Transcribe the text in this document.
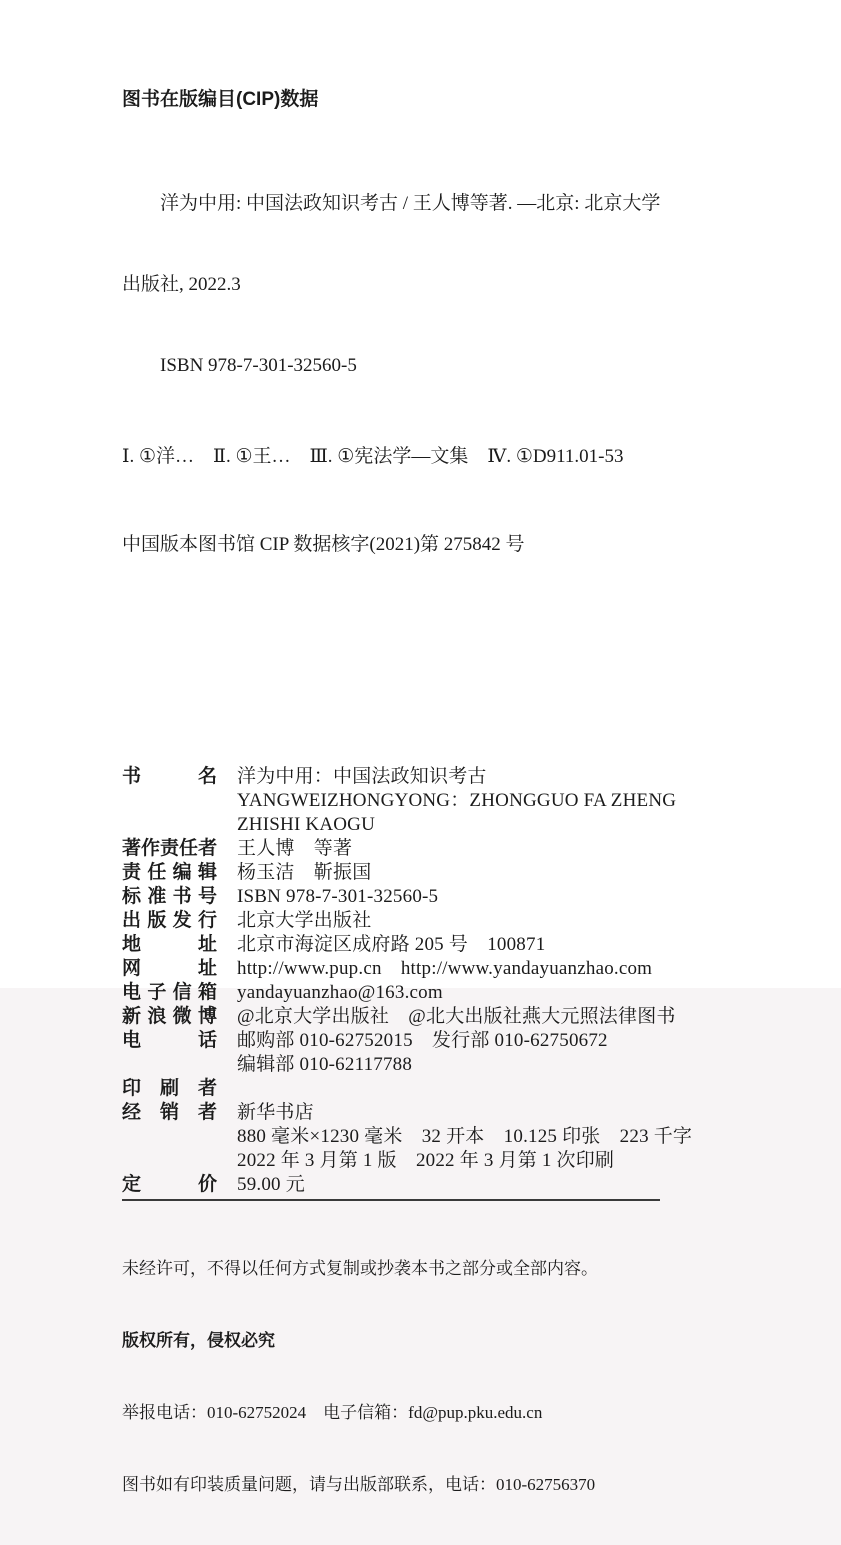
图书在版编目(CIP)数据

洋为中用: 中国法政知识考古 / 王人博等著. —北京: 北京大学

出版社, 2022.3

ISBN 978-7-301-32560-5

Ⅰ. ①洋…　Ⅱ. ①王…　Ⅲ. ①宪法学—文集　Ⅳ. ①D911.01-53

中国版本图书馆 CIP 数据核字(2021)第 275842 号

书	名 洋为中用：中国法政知识考古
YANGWEIZHONGYONG：ZHONGGUO FA ZHENG
ZHISHI KAOGU
著 作 责 任 者 王人博　等著
责 任 编 辑 杨玉洁　靳振国
标 准 书 号 ISBN 978-7-301-32560-5
出 版 发 行 北京大学出版社
地	址 北京市海淀区成府路 205 号　100871
网	址 http://www.pup.cn　http://www.yandayuanzhao.com
电 子 信 箱 yandayuanzhao@163.com
新 浪 微 博 @北京大学出版社　@北大出版社燕大元照法律图书
电	话 邮购部 010-62752015　发行部 010-62750672
编辑部 010-62117788
印 刷 者
经 销 者 新华书店
880 毫米×1230 毫米　32 开本　10.125 印张　223 千字
2022 年 3 月第 1 版　2022 年 3 月第 1 次印刷
定	价 59.00 元

未经许可，不得以任何方式复制或抄袭本书之部分或全部内容。

版权所有，侵权必究

举报电话：010-62752024　电子信箱：fd@pup.pku.edu.cn

图书如有印装质量问题，请与出版部联系，电话：010-62756370
